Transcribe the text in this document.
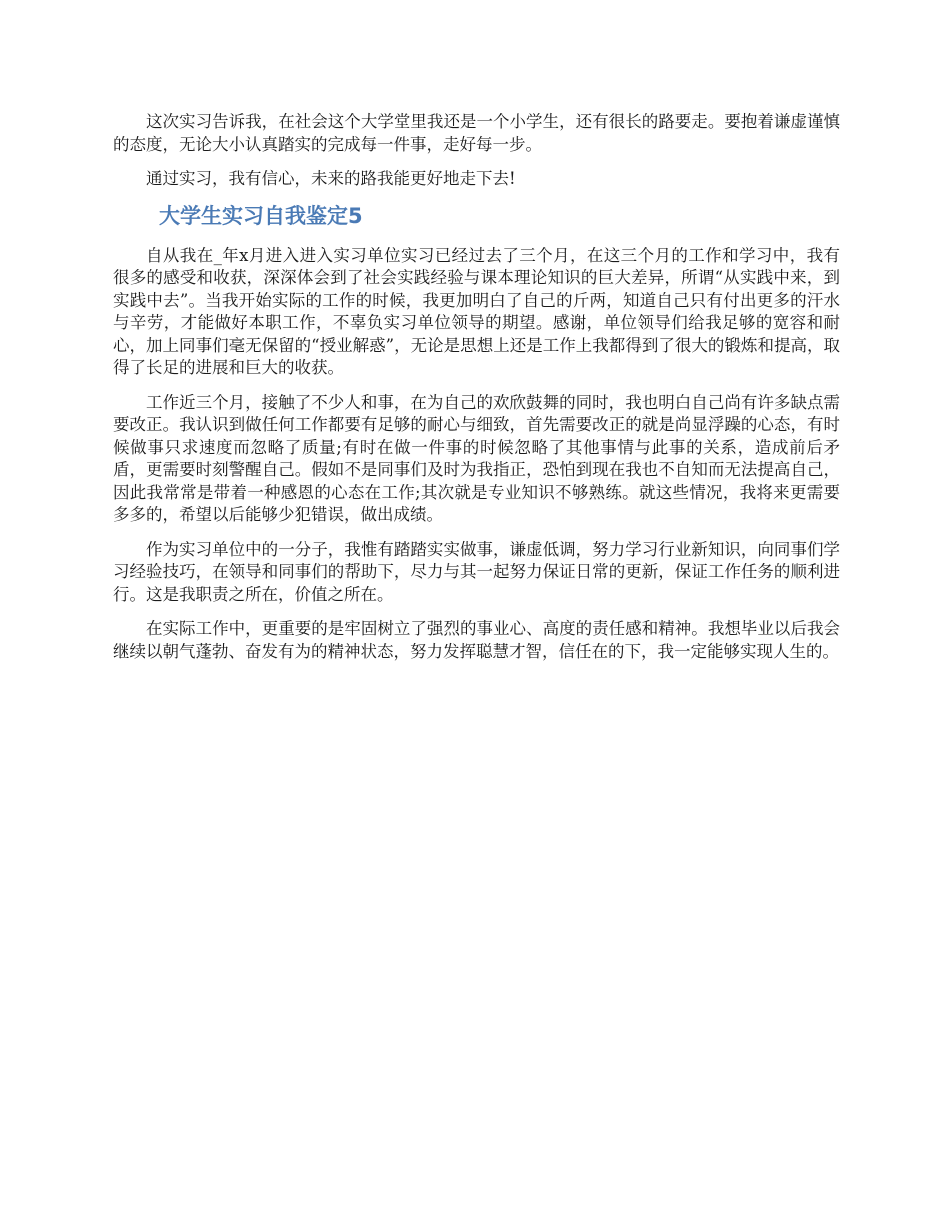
这次实习告诉我，在社会这个大学堂里我还是一个小学生，还有很长的路要走。要抱着谦虚谨慎的态度，无论大小认真踏实的完成每一件事，走好每一步。

通过实习，我有信心，未来的路我能更好地走下去!

大学生实习自我鉴定5

自从我在_年x月进入进入实习单位实习已经过去了三个月，在这三个月的工作和学习中，我有很多的感受和收获，深深体会到了社会实践经验与课本理论知识的巨大差异，所谓“从实践中来，到实践中去”。当我开始实际的工作的时候，我更加明白了自己的斤两，知道自己只有付出更多的汗水与辛劳，才能做好本职工作，不辜负实习单位领导的期望。感谢，单位领导们给我足够的宽容和耐心，加上同事们毫无保留的“授业解惑”，无论是思想上还是工作上我都得到了很大的锻炼和提高，取得了长足的进展和巨大的收获。

工作近三个月，接触了不少人和事，在为自己的欢欣鼓舞的同时，我也明白自己尚有许多缺点需要改正。我认识到做任何工作都要有足够的耐心与细致，首先需要改正的就是尚显浮躁的心态，有时候做事只求速度而忽略了质量;有时在做一件事的时候忽略了其他事情与此事的关系，造成前后矛盾，更需要时刻警醒自己。假如不是同事们及时为我指正，恐怕到现在我也不自知而无法提高自己，因此我常常是带着一种感恩的心态在工作;其次就是专业知识不够熟练。就这些情况，我将来更需要多多的，希望以后能够少犯错误，做出成绩。

作为实习单位中的一分子，我惟有踏踏实实做事，谦虚低调，努力学习行业新知识，向同事们学习经验技巧，在领导和同事们的帮助下，尽力与其一起努力保证日常的更新，保证工作任务的顺利进行。这是我职责之所在，价值之所在。

在实际工作中，更重要的是牢固树立了强烈的事业心、高度的责任感和精神。我想毕业以后我会继续以朝气蓬勃、奋发有为的精神状态，努力发挥聪慧才智，信任在的下，我一定能够实现人生的。
